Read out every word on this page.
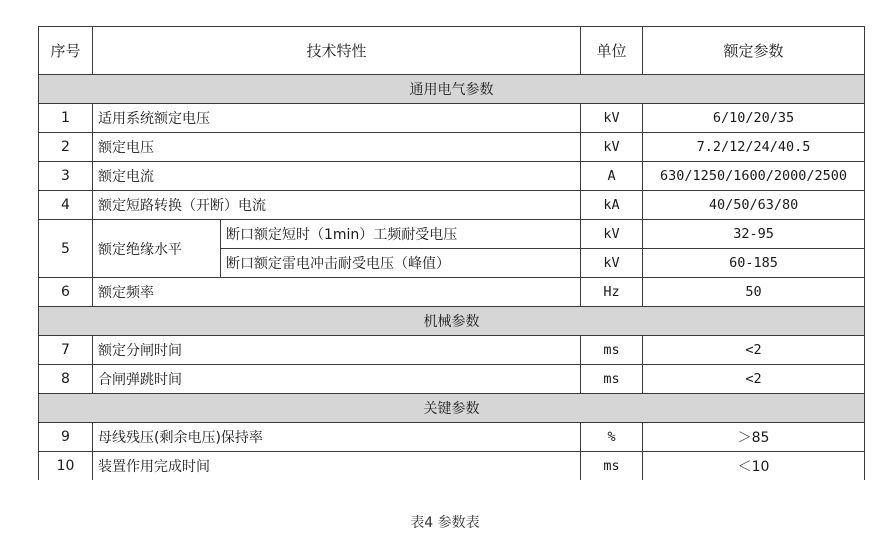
序号	技术特性		单位	额定参数
通用电气参数				
1	适用系统额定电压		kV	6/10/20/35
2	额定电压		kV	7.2/12/24/40.5
3	额定电流		A	630/1250/1600/2000/2500
4	额定短路转换（开断）电流		kA	40/50/63/80
5	额定绝缘水平	断口额定短时（1min）工频耐受电压	kV	32-95
		断口额定雷电冲击耐受电压（峰值）	kV	60-185
6	额定频率		Hz	50
机械参数				
7	额定分闸时间		ms	<2
8	合闸弹跳时间		ms	<2
关键参数				
9	母线残压(剩余电压)保持率		%	＞85
10	装置作用完成时间		ms	＜10
表4 参数表
